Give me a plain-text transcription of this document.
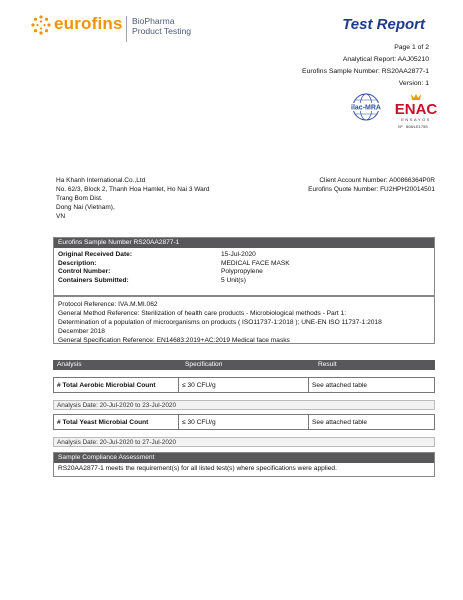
eurofins BioPharma
Product Testing	Test Report
Page 1 of 2
Analytical Report: AAJ05210
Eurofins Sample Number: RS20AA2877-1
Version: 1
ilac-MRA ENAC
ENSAYOS
Nº 808/LE1755
Ha Khanh International.Co.,Ltd
No. 62/3, Block 2, Thanh Hoa Hamlet, Ho Nai 3 Ward
Trang Bom Dist.
Dong Nai (Vietnam),
VN
Client Account Number: A00866364P0R
Eurofins Quote Number: FU2HPH20014501
Eurofins Sample Number RS20AA2877-1
Original Received Date:	15-Jul-2020
Description:	MEDICAL FACE MASK
Control Number:	Polypropylene
Containers Submitted:	5 Unit(s)
Protocol Reference: IVA.M.MI.062
General Method Reference: Sterilization of health care products - Microbiological methods - Part 1:
Determination of a population of microorganisms on products ( ISO11737-1:2018 ); UNE-EN ISO 11737-1:2018
December 2018
General Specification Reference: EN14683:2019+AC:2019 Medical face masks
Analysis	Specification	Result
# Total Aerobic Microbial Count	≤ 30 CFU/g	See attached table
Analysis Date: 20-Jul-2020 to 23-Jul-2020
# Total Yeast Microbial Count	≤ 30 CFU/g	See attached table
Analysis Date: 20-Jul-2020 to 27-Jul-2020
Sample Compliance Assessment
RS20AA2877-1 meets the requirement(s) for all listed test(s) where specifications were applied.
